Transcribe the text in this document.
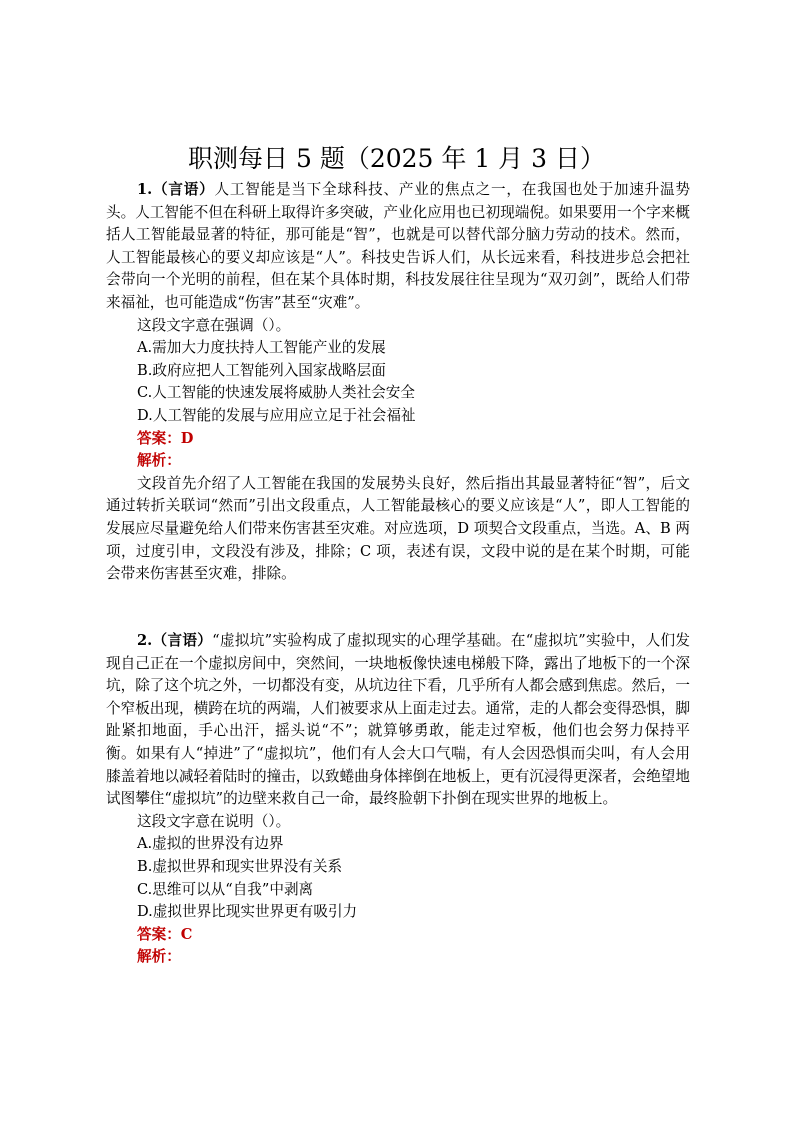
职测每日 5 题（2025 年 1 月 3 日）

1.（言语）人工智能是当下全球科技、产业的焦点之一，在我国也处于加速升温势头。人工智能不但在科研上取得许多突破，产业化应用也已初现端倪。如果要用一个字来概括人工智能最显著的特征，那可能是“智”，也就是可以替代部分脑力劳动的技术。然而，人工智能最核心的要义却应该是“人”。科技史告诉人们，从长远来看，科技进步总会把社会带向一个光明的前程，但在某个具体时期，科技发展往往呈现为“双刃剑”，既给人们带来福祉，也可能造成“伤害”甚至“灾难”。

这段文字意在强调（）。

A.需加大力度扶持人工智能产业的发展

B.政府应把人工智能列入国家战略层面

C.人工智能的快速发展将威胁人类社会安全

D.人工智能的发展与应用应立足于社会福祉

答案：D

解析：

文段首先介绍了人工智能在我国的发展势头良好，然后指出其最显著特征“智”，后文通过转折关联词“然而”引出文段重点，人工智能最核心的要义应该是“人”，即人工智能的发展应尽量避免给人们带来伤害甚至灾难。对应选项，D 项契合文段重点，当选。A、B 两项，过度引申，文段没有涉及，排除；C 项，表述有误，文段中说的是在某个时期，可能会带来伤害甚至灾难，排除。

2.（言语）“虚拟坑”实验构成了虚拟现实的心理学基础。在“虚拟坑”实验中，人们发现自己正在一个虚拟房间中，突然间，一块地板像快速电梯般下降，露出了地板下的一个深坑，除了这个坑之外，一切都没有变，从坑边往下看，几乎所有人都会感到焦虑。然后，一个窄板出现，横跨在坑的两端，人们被要求从上面走过去。通常，走的人都会变得恐惧，脚趾紧扣地面，手心出汗，摇头说“不”；就算够勇敢，能走过窄板，他们也会努力保持平衡。如果有人“掉进”了“虚拟坑”，他们有人会大口气喘，有人会因恐惧而尖叫，有人会用膝盖着地以减轻着陆时的撞击，以致蜷曲身体摔倒在地板上，更有沉浸得更深者，会绝望地试图攀住“虚拟坑”的边壁来救自己一命，最终脸朝下扑倒在现实世界的地板上。

这段文字意在说明（）。

A.虚拟的世界没有边界

B.虚拟世界和现实世界没有关系

C.思维可以从“自我”中剥离

D.虚拟世界比现实世界更有吸引力

答案：C

解析：
